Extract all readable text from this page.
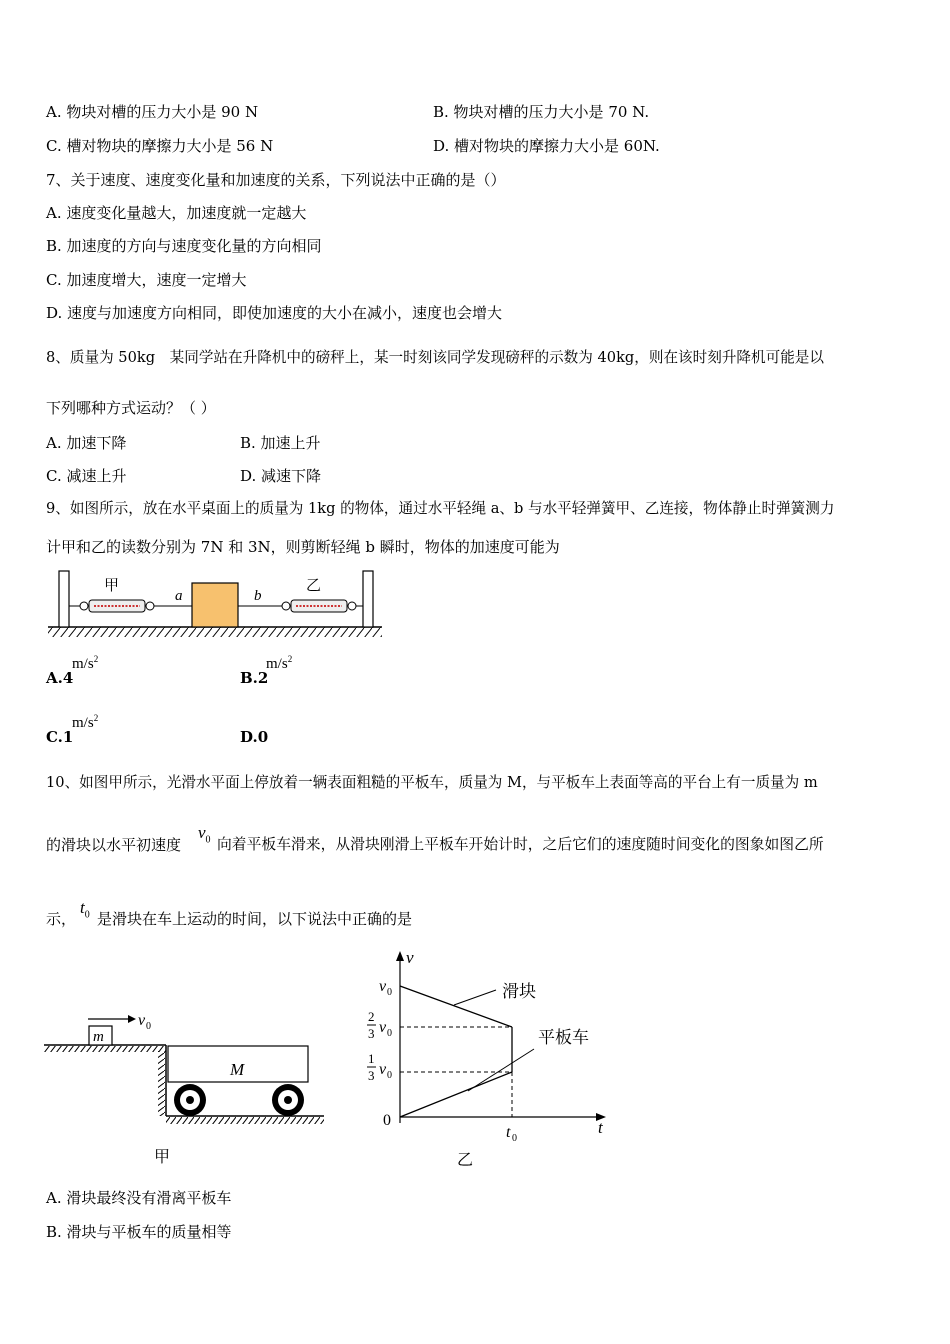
A. 物块对槽的压力大小是 90 N	B. 物块对槽的压力大小是 70 N.
C. 槽对物块的摩擦力大小是 56 N	D. 槽对物块的摩擦力大小是 60N.
7、关于速度、速度变化量和加速度的关系，下列说法中正确的是（）
A. 速度变化量越大，加速度就一定越大
B. 加速度的方向与速度变化量的方向相同
C. 加速度增大，速度一定增大
D. 速度与加速度方向相同，即使加速度的大小在减小，速度也会增大
8、质量为 50kg　某同学站在升降机中的磅秤上，某一时刻该同学发现磅秤的示数为 40kg，则在该时刻升降机可能是以
下列哪种方式运动？（ ）
A. 加速下降	B. 加速上升
C. 减速上升	D. 减速下降
9、如图所示，放在水平桌面上的质量为 1kg 的物体，通过水平轻绳 a、b 与水平轻弹簧甲、乙连接，物体静止时弹簧测力
计甲和乙的读数分别为 7N 和 3N，则剪断轻绳 b 瞬时，物体的加速度可能为
a
甲
b
乙
A.4
$m/s^2$
B.2
$m/s^2$
C.1
$m/s^2$
D.0
10、如图甲所示，光滑水平面上停放着一辆表面粗糙的平板车，质量为 M，与平板车上表面等高的平台上有一质量为 m
的滑块以水平初速度
$v_0$ 向着平板车滑来，从滑块刚滑上平板车开始计时，之后它们的速度随时间变化的图象如图乙所
示，
$t_0$ 是滑块在车上运动的时间，以下说法中正确的是
m
v 0
M
甲
v
t
0
v 0
2
3 v 0
1
3 v 0
t 0
滑块
平板车
乙
A. 滑块最终没有滑离平板车
B. 滑块与平板车的质量相等
